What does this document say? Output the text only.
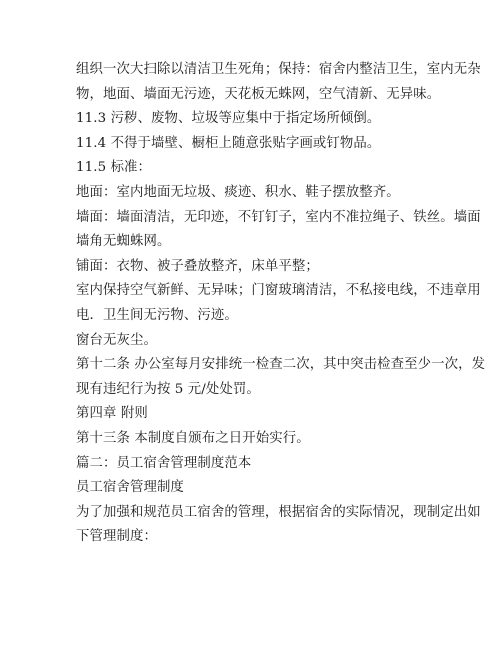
组织一次大扫除以清洁卫生死角；保持：宿舍内整洁卫生，室内无杂
物，地面、墙面无污迹，天花板无蛛网，空气清新、无异味。
11.3 污秽、废物、垃圾等应集中于指定场所倾倒。
11.4 不得于墙壁、橱柜上随意张贴字画或钉物品。
11.5 标准：
地面：室内地面无垃圾、痰迹、积水、鞋子摆放整齐。
墙面：墙面清洁，无印迹，不钉钉子，室内不准拉绳子、铁丝。墙面
墙角无蜘蛛网。
铺面：衣物、被子叠放整齐，床单平整；
室内保持空气新鲜、无异味；门窗玻璃清洁，不私接电线，不违章用
电．卫生间无污物、污迹。
窗台无灰尘。
第十二条 办公室每月安排统一检查二次，其中突击检查至少一次，发
现有违纪行为按 5 元/处处罚。
第四章 附则
第十三条 本制度自颁布之日开始实行。
篇二：员工宿舍管理制度范本
员工宿舍管理制度
为了加强和规范员工宿舍的管理，根据宿舍的实际情况，现制定出如
下管理制度：
